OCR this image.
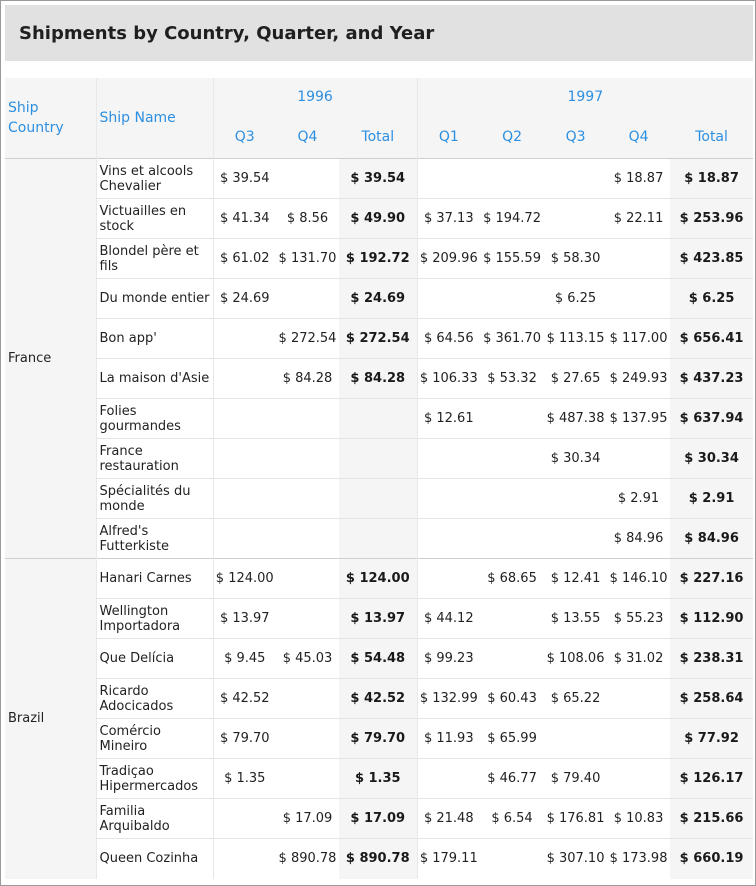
Shipments by Country, Quarter, and Year
Ship Country	Ship Name	1996			1997				
		Q3	Q4	Total	Q1	Q2	Q3	Q4	Total
France	Vins et alcools Chevalier	$ 39.54		$ 39.54				$ 18.87	$ 18.87
	Victuailles en stock	$ 41.34	$ 8.56	$ 49.90	$ 37.13	$ 194.72		$ 22.11	$ 253.96
	Blondel père et fils	$ 61.02	$ 131.70	$ 192.72	$ 209.96	$ 155.59	$ 58.30		$ 423.85
	Du monde entier	$ 24.69		$ 24.69			$ 6.25		$ 6.25
	Bon app'		$ 272.54	$ 272.54	$ 64.56	$ 361.70	$ 113.15	$ 117.00	$ 656.41
	La maison d'Asie		$ 84.28	$ 84.28	$ 106.33	$ 53.32	$ 27.65	$ 249.93	$ 437.23
	Folies gourmandes				$ 12.61		$ 487.38	$ 137.95	$ 637.94
	France restauration						$ 30.34		$ 30.34
	Spécialités du monde							$ 2.91	$ 2.91
	Alfred's Futterkiste							$ 84.96	$ 84.96
Brazil	Hanari Carnes	$ 124.00		$ 124.00		$ 68.65	$ 12.41	$ 146.10	$ 227.16
	Wellington Importadora	$ 13.97		$ 13.97	$ 44.12		$ 13.55	$ 55.23	$ 112.90
	Que Delícia	$ 9.45	$ 45.03	$ 54.48	$ 99.23		$ 108.06	$ 31.02	$ 238.31
	Ricardo Adocicados	$ 42.52		$ 42.52	$ 132.99	$ 60.43	$ 65.22		$ 258.64
	Comércio Mineiro	$ 79.70		$ 79.70	$ 11.93	$ 65.99			$ 77.92
	Tradiçao Hipermercados	$ 1.35		$ 1.35		$ 46.77	$ 79.40		$ 126.17
	Familia Arquibaldo		$ 17.09	$ 17.09	$ 21.48	$ 6.54	$ 176.81	$ 10.83	$ 215.66
	Queen Cozinha		$ 890.78	$ 890.78	$ 179.11		$ 307.10	$ 173.98	$ 660.19
